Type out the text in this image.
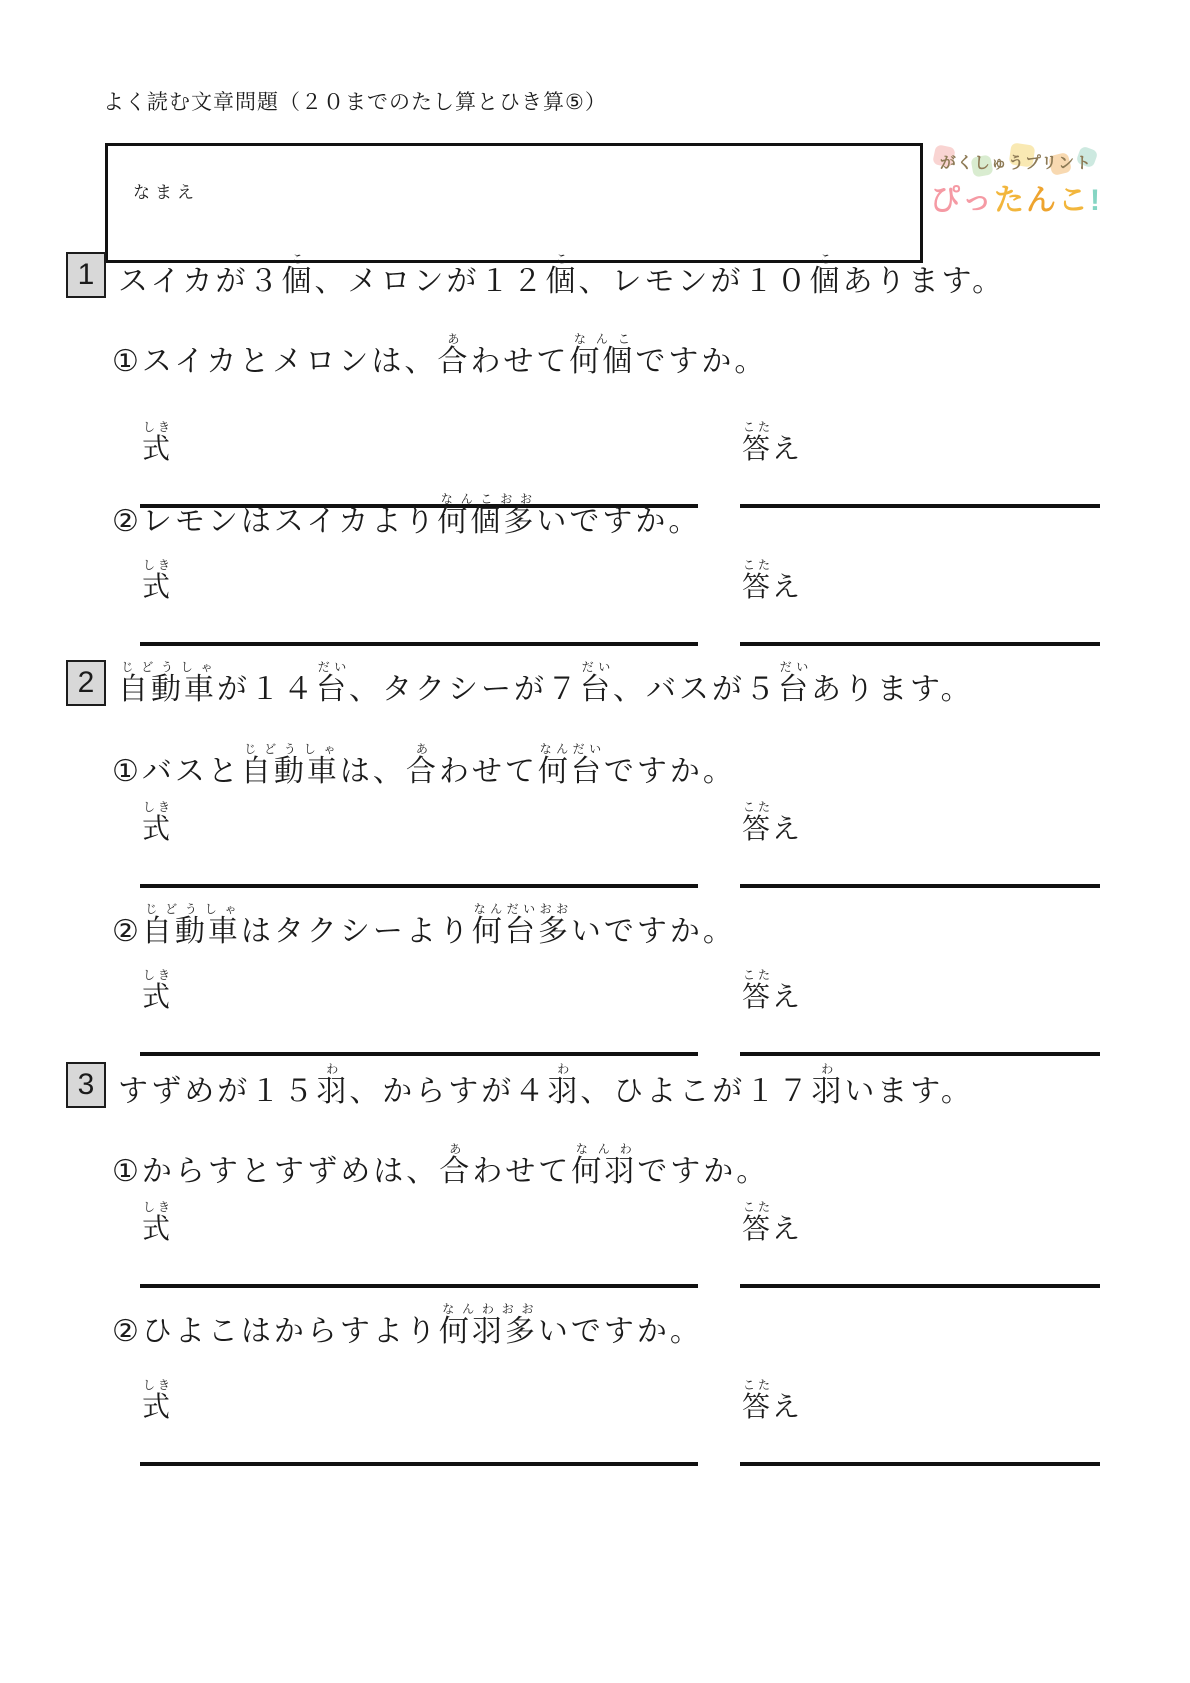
よく読む文章問題（２０までのたし算とひき算⑤）
なまえ
がくしゅうプリント
ぴったんこ!
1 スイカが３個こ、メロンが１２個こ、レモンが１０個こあります。
①スイカとメロンは、合あわせて何個なんこですか。
式しき
答こたえ
②レモンはスイカより何個多なんこおおいですか。
式しき
答こたえ
2 自動車じどうしゃが１４台だい、タクシーが７台だい、バスが５台だいあります。
①バスと自動車じどうしゃは、合あわせて何台なんだいですか。
式しき
答こたえ
②自動車じどうしゃはタクシーより何台多なんだいおおいですか。
式しき
答こたえ
3 すずめが１５羽わ、からすが４羽わ、ひよこが１７羽わいます。
①からすとすずめは、合あわせて何羽なんわですか。
式しき
答こたえ
②ひよこはからすより何羽多なんわおおいですか。
式しき
答こたえ
